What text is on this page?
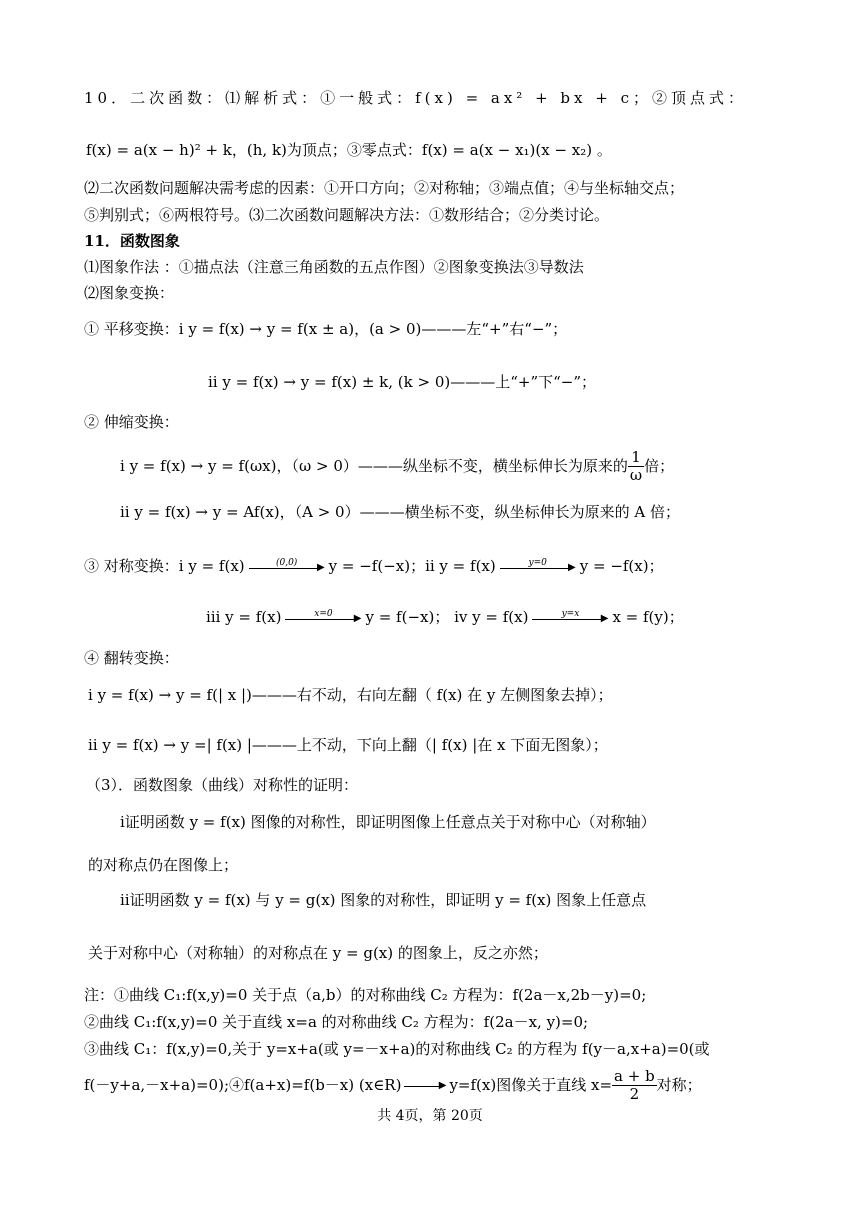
10．二次函数：⑴解析式：①一般式：f(x) = ax² + bx + c；②顶点式：
f(x) = a(x − h)² + k，(h, k)为顶点；③零点式：f(x) = a(x − x₁)(x − x₂) 。
⑵二次函数问题解决需考虑的因素：①开口方向；②对称轴；③端点值；④与坐标轴交点；
⑤判别式；⑥两根符号。⑶二次函数问题解决方法：①数形结合；②分类讨论。
11．函数图象
⑴图象作法 ：①描点法（注意三角函数的五点作图）②图象变换法③导数法
⑵图象变换：
① 平移变换：ⅰ y = f(x) → y = f(x ± a)，(a > 0)———左“+”右“−”；
ⅱ y = f(x) → y = f(x) ± k, (k > 0)———上“+”下“−”；
② 伸缩变换：
ⅰ y = f(x) → y = f(ωx)，（ω > 0）———纵坐标不变，横坐标伸长为原来的 $\frac{1}{\omega}$ 倍；
ⅱ y = f(x) → y = Af(x)，（A > 0）———横坐标不变，纵坐标伸长为原来的 A 倍；
③ 对称变换：ⅰ y = f(x)	(0,0)	▶ y = −f(−x)；ⅱ y = f(x)	y=0	▶ y = −f(x)；
ⅲ y = f(x)	x=0	▶ y = f(−x)； ⅳ y = f(x)	y=x	▶ x = f(y)；
④ 翻转变换：
ⅰ y = f(x) → y = f(| x |)———右不动，右向左翻（ f(x) 在 y 左侧图象去掉）；
ⅱ y = f(x) → y =| f(x) |———上不动，下向上翻（| f(x) |在 x 下面无图象）；
（3）．函数图象（曲线）对称性的证明：
ⅰ证明函数 y = f(x) 图像的对称性，即证明图像上任意点关于对称中心（对称轴）
的对称点仍在图像上；
ⅱ证明函数 y = f(x) 与 y = g(x) 图象的对称性，即证明 y = f(x) 图象上任意点
关于对称中心（对称轴）的对称点在 y = g(x) 的图象上，反之亦然；
注：①曲线 C₁:f(x,y)=0 关于点（a,b）的对称曲线 C₂ 方程为：f(2a－x,2b－y)=0;
②曲线 C₁:f(x,y)=0 关于直线 x=a 的对称曲线 C₂ 方程为：f(2a－x, y)=0;
③曲线 C₁：f(x,y)=0,关于 y=x+a(或 y=－x+a)的对称曲线 C₂ 的方程为 f(y－a,x+a)=0(或
f(－y+a,－x+a)=0);④f(a+x)=f(b－x) (x∈R)	▶ y=f(x)图像关于直线 $x= \frac{a + b}{2}$ 对称；
共 4页，第 20页
